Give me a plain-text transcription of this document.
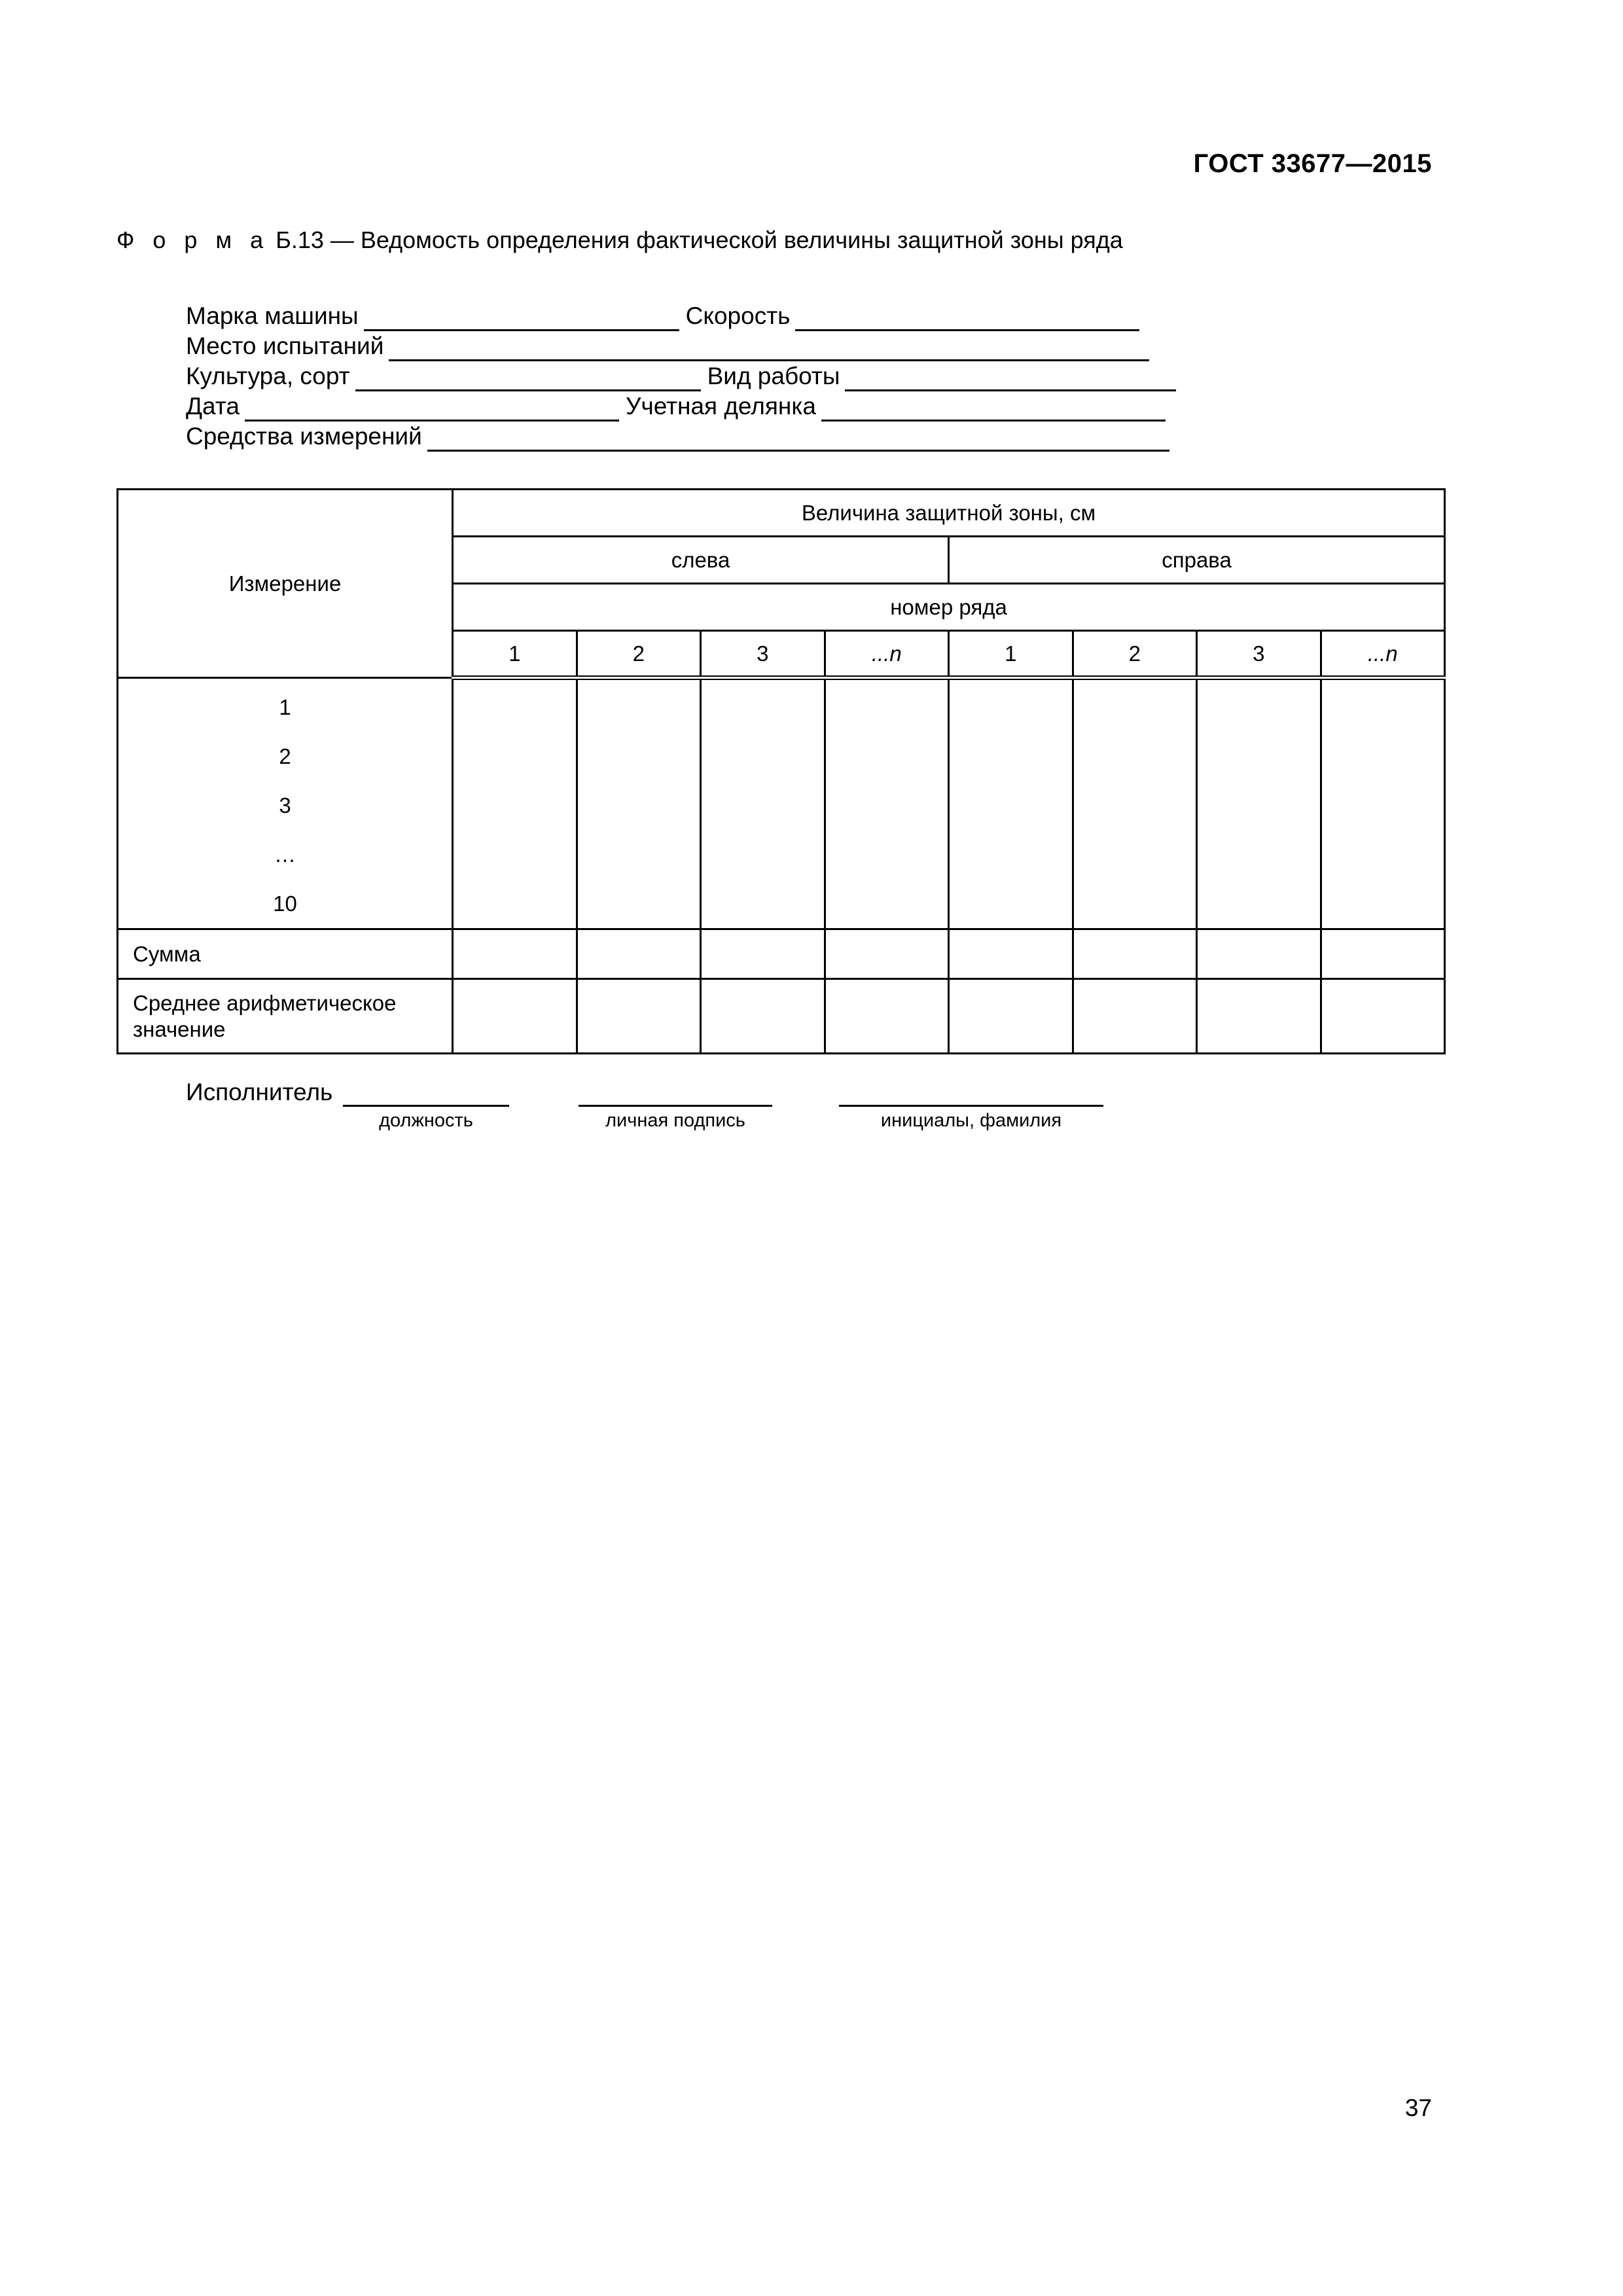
ГОСТ 33677—2015
Ф о р м а Б.13 — Ведомость определения фактической величины защитной зоны ряда
Марка машины	Скорость
Место испытаний
Культура, сорт	Вид работы
Дата	Учетная делянка
Средства измерений
Измерение	Величина защитной зоны, см							
	слева				справа			
	номер ряда							
	1	2	3	...n	1	2	3	...n

1
2
3
…
10								

Сумма								
Среднее арифметическое значение								
Исполнитель
должность	личная подпись	инициалы, фамилия
37
